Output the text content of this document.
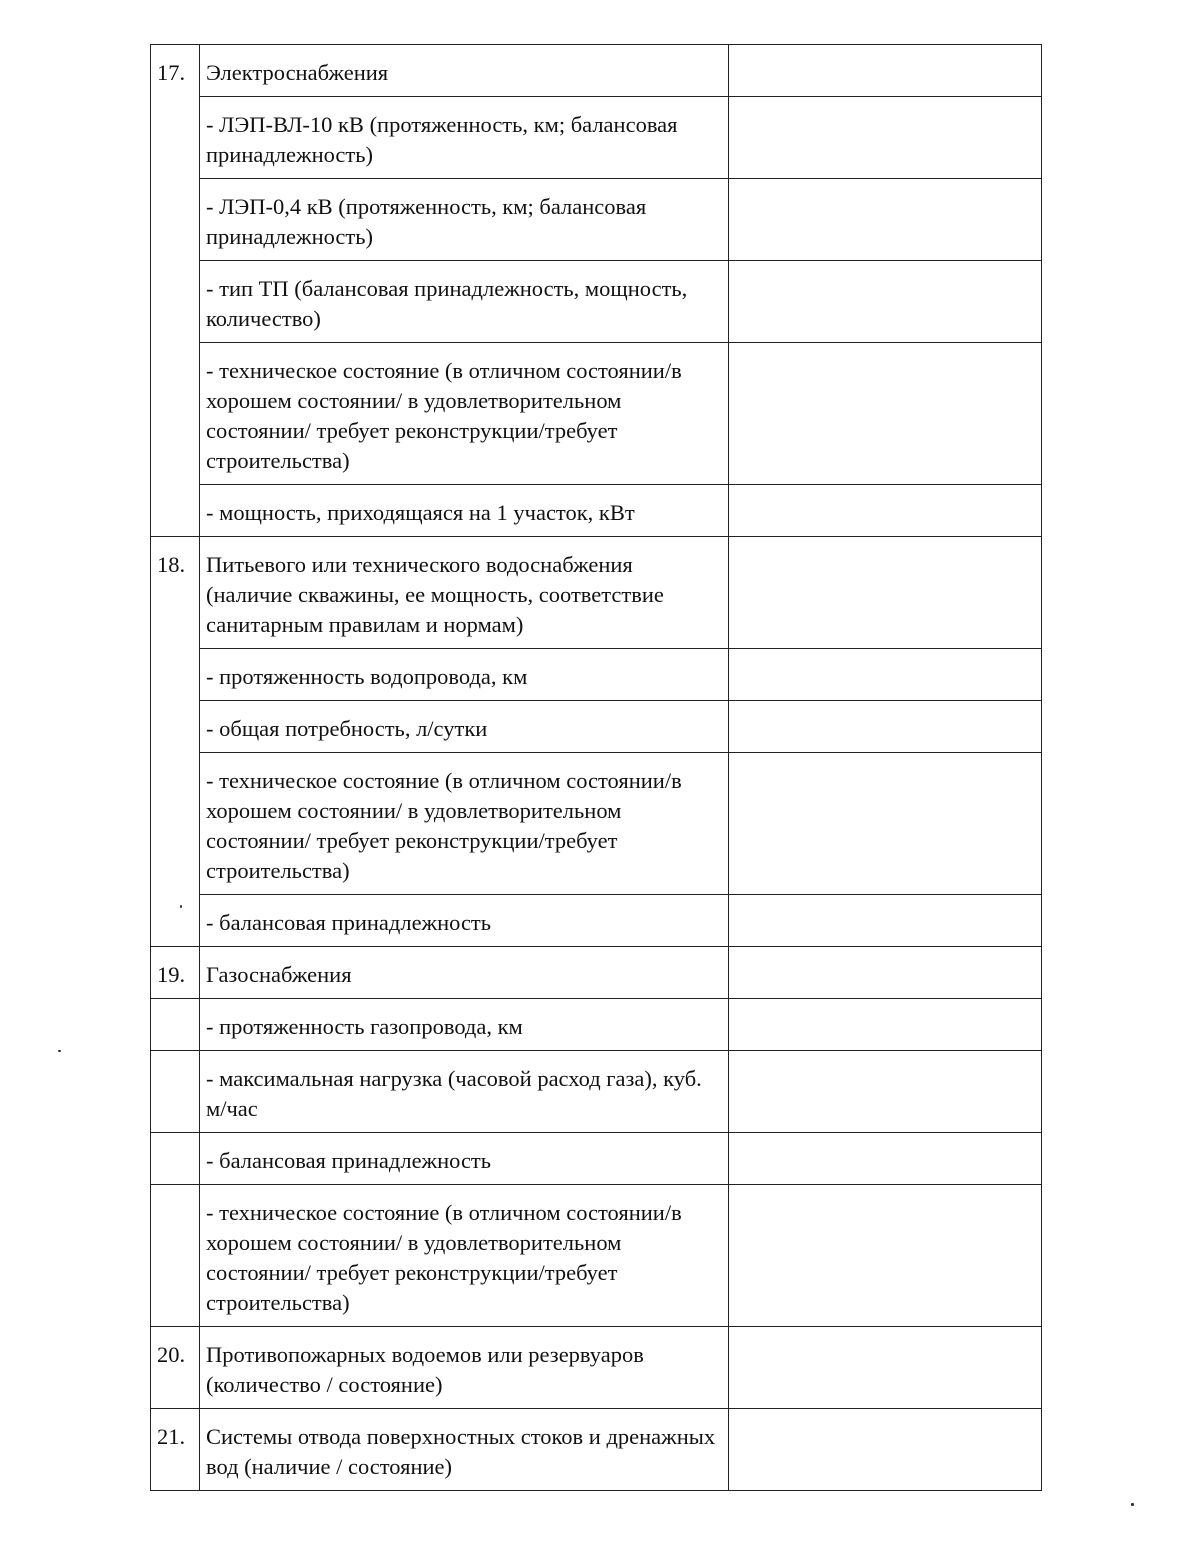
17.	Электроснабжения	
	- ЛЭП-ВЛ-10 кВ (протяженность, км; балансовая принадлежность)	
	- ЛЭП-0,4 кВ (протяженность, км; балансовая принадлежность)	
	- тип ТП (балансовая принадлежность, мощность, количество)	
	- техническое состояние (в отличном состоянии/в хорошем состоянии/ в удовлетворительном состоянии/ требует реконструкции/требует строительства)	
	- мощность, приходящаяся на 1 участок, кВт	
18.	Питьевого или технического водоснабжения (наличие скважины, ее мощность, соответствие санитарным правилам и нормам)	
	- протяженность водопровода, км	
	- общая потребность, л/сутки	
	- техническое состояние (в отличном состоянии/в хорошем состоянии/ в удовлетворительном состоянии/ требует реконструкции/требует строительства)	
	- балансовая принадлежность	
19.	Газоснабжения	
	- протяженность газопровода, км	
	- максимальная нагрузка (часовой расход газа), куб. м/час	
	- балансовая принадлежность	
	- техническое состояние (в отличном состоянии/в хорошем состоянии/ в удовлетворительном состоянии/ требует реконструкции/требует строительства)	
20.	Противопожарных водоемов или резервуаров (количество / состояние)	
21.	Системы отвода поверхностных стоков и дренажных вод (наличие / состояние)	
